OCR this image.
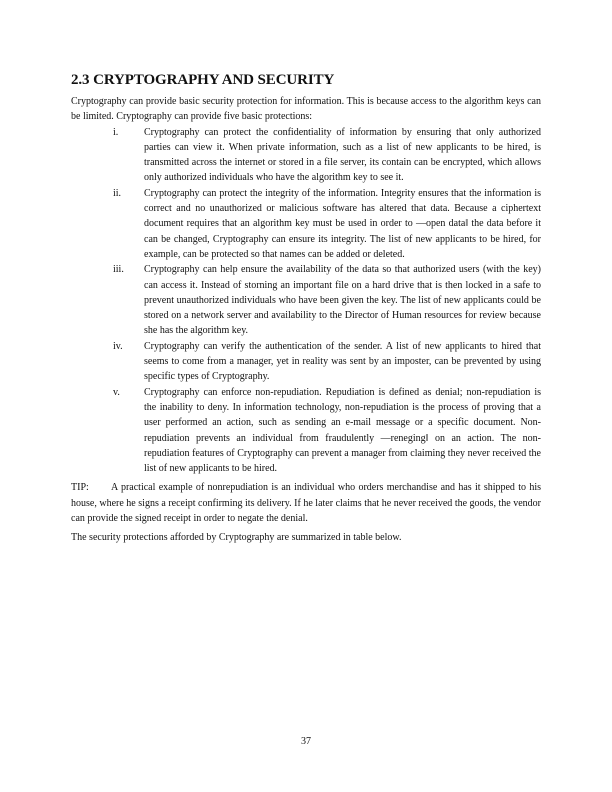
2.3 CRYPTOGRAPHY AND SECURITY

Cryptography can provide basic security protection for information. This is because access to the algorithm keys can be limited. Cryptography can provide five basic protections:

i.	Cryptography can protect the confidentiality of information by ensuring that only authorized parties can view it. When private information, such as a list of new applicants to be hired, is transmitted across the internet or stored in a file server, its contain can be encrypted, which allows only authorized individuals who have the algorithm key to see it.
ii.	Cryptography can protect the integrity of the information. Integrity ensures that the information is correct and no unauthorized or malicious software has altered that data. Because a ciphertext document requires that an algorithm key must be used in order to ―open data‖ the data before it can be changed, Cryptography can ensure its integrity. The list of new applicants to be hired, for example, can be protected so that names can be added or deleted.
iii.	Cryptography can help ensure the availability of the data so that authorized users (with the key) can access it. Instead of storning an important file on a hard drive that is then locked in a safe to prevent unauthorized individuals who have been given the key. The list of new applicants could be stored on a network server and availability to the Director of Human resources for review because she has the algorithm key.
iv.	Cryptography can verify the authentication of the sender. A list of new applicants to hired that seems to come from a manager, yet in reality was sent by an imposter, can be prevented by using specific types of Cryptography.
v.	Cryptography can enforce non-repudiation. Repudiation is defined as denial; non-repudiation is the inability to deny. In information technology, non-repudiation is the process of proving that a user performed an action, such as sending an e-mail message or a specific document. Non-repudiation prevents an individual from fraudulently ―reneging‖ on an action. The non-repudiation features of Cryptography can prevent a manager from claiming they never received the list of new applicants to be hired.

TIP: A practical example of nonrepudiation is an individual who orders merchandise and has it shipped to his house, where he signs a receipt confirming its delivery. If he later claims that he never received the goods, the vendor can provide the signed receipt in order to negate the denial.

The security protections afforded by Cryptography are summarized in table below.

37
